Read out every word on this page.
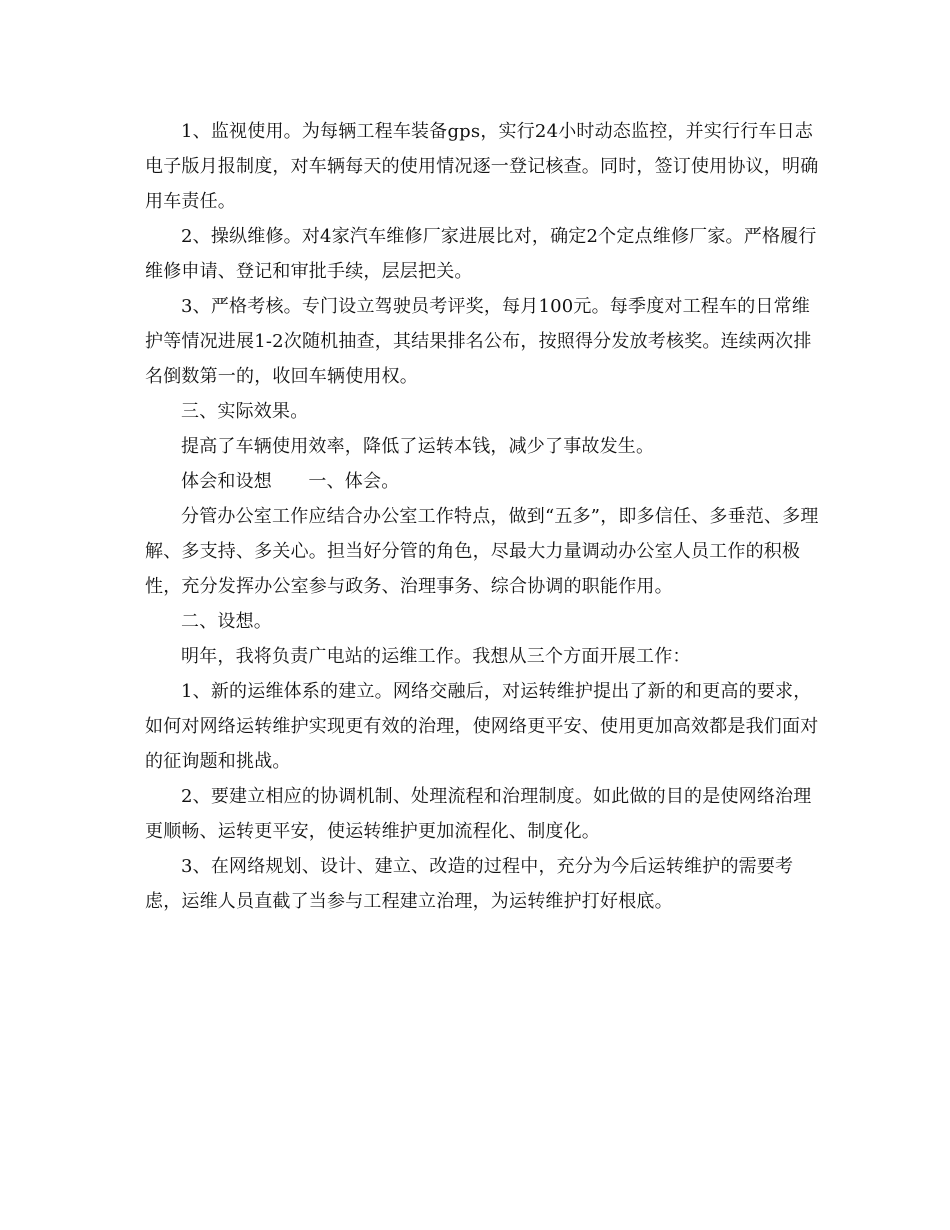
1、监视使用。为每辆工程车装备gps，实行24小时动态监控，并实行行车日志电子版月报制度，对车辆每天的使用情况逐一登记核查。同时，签订使用协议，明确用车责任。

2、操纵维修。对4家汽车维修厂家进展比对，确定2个定点维修厂家。严格履行维修申请、登记和审批手续，层层把关。

3、严格考核。专门设立驾驶员考评奖，每月100元。每季度对工程车的日常维护等情况进展1-2次随机抽查，其结果排名公布，按照得分发放考核奖。连续两次排名倒数第一的，收回车辆使用权。

三、实际效果。

提高了车辆使用效率，降低了运转本钱，减少了事故发生。

体会和设想　　一、体会。

分管办公室工作应结合办公室工作特点，做到“五多”，即多信任、多垂范、多理解、多支持、多关心。担当好分管的角色，尽最大力量调动办公室人员工作的积极性，充分发挥办公室参与政务、治理事务、综合协调的职能作用。

二、设想。

明年，我将负责广电站的运维工作。我想从三个方面开展工作：

1、新的运维体系的建立。网络交融后，对运转维护提出了新的和更高的要求，如何对网络运转维护实现更有效的治理，使网络更平安、使用更加高效都是我们面对的征询题和挑战。

2、要建立相应的协调机制、处理流程和治理制度。如此做的目的是使网络治理更顺畅、运转更平安，使运转维护更加流程化、制度化。

3、在网络规划、设计、建立、改造的过程中，充分为今后运转维护的需要考虑，运维人员直截了当参与工程建立治理，为运转维护打好根底。
